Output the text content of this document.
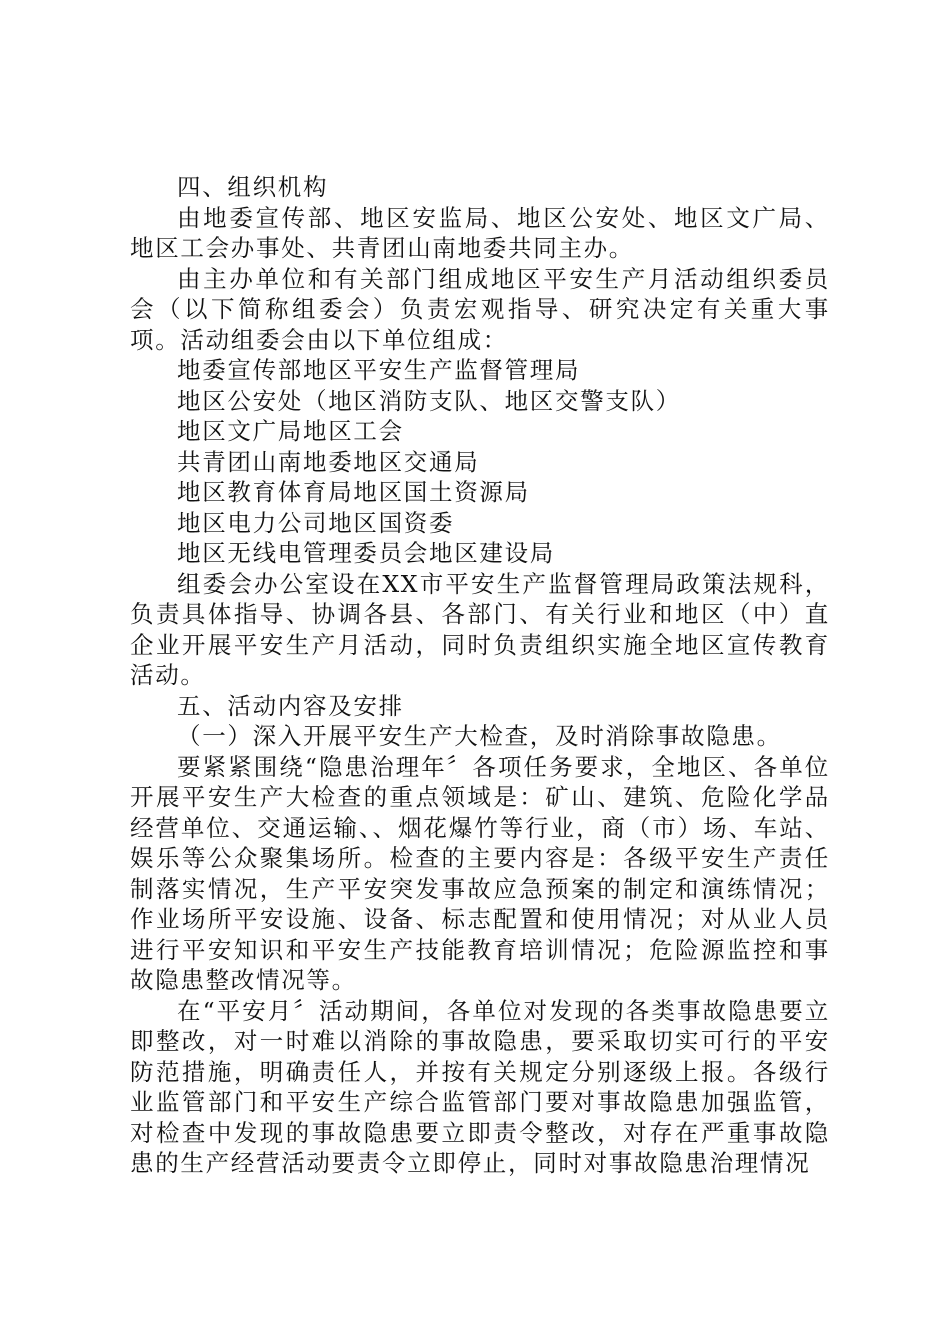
四、组织机构

由地委宣传部、地区安监局、地区公安处、地区文广局、地区工会办事处、共青团山南地委共同主办。

由主办单位和有关部门组成地区平安生产月活动组织委员会（以下简称组委会）负责宏观指导、研究决定有关重大事项。活动组委会由以下单位组成：

地委宣传部地区平安生产监督管理局

地区公安处（地区消防支队、地区交警支队）

地区文广局地区工会

共青团山南地委地区交通局

地区教育体育局地区国土资源局

地区电力公司地区国资委

地区无线电管理委员会地区建设局

组委会办公室设在XX市平安生产监督管理局政策法规科，负责具体指导、协调各县、各部门、有关行业和地区（中）直企业开展平安生产月活动，同时负责组织实施全地区宣传教育活动。

五、活动内容及安排

（一）深入开展平安生产大检查，及时消除事故隐患。

要紧紧围绕“隐患治理年〞各项任务要求，全地区、各单位开展平安生产大检查的重点领域是：矿山、建筑、危险化学品经营单位、交通运输、、烟花爆竹等行业，商（市）场、车站、娱乐等公众聚集场所。检查的主要内容是：各级平安生产责任制落实情况，生产平安突发事故应急预案的制定和演练情况；作业场所平安设施、设备、标志配置和使用情况；对从业人员进行平安知识和平安生产技能教育培训情况；危险源监控和事故隐患整改情况等。

在“平安月〞活动期间，各单位对发现的各类事故隐患要立即整改，对一时难以消除的事故隐患，要采取切实可行的平安防范措施，明确责任人，并按有关规定分别逐级上报。各级行业监管部门和平安生产综合监管部门要对事故隐患加强监管，对检查中发现的事故隐患要立即责令整改，对存在严重事故隐患的生产经营活动要责令立即停止，同时对事故隐患治理情况
